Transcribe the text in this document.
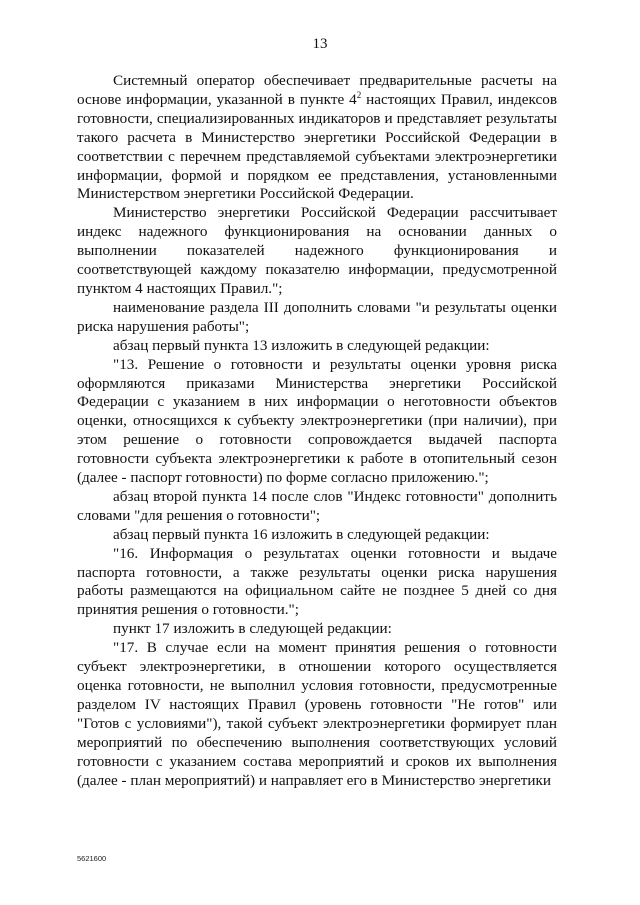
13

Системный оператор обеспечивает предварительные расчеты на основе информации, указанной в пункте $4^2$ настоящих Правил, индексов готовности, специализированных индикаторов и представляет результаты такого расчета в Министерство энергетики Российской Федерации в соответствии с перечнем представляемой субъектами электроэнергетики информации, формой и порядком ее представления, установленными Министерством энергетики Российской Федерации.

Министерство энергетики Российской Федерации рассчитывает индекс надежного функционирования на основании данных о выполнении показателей надежного функционирования и соответствующей каждому показателю информации, предусмотренной пунктом 4 настоящих Правил.";

наименование раздела III дополнить словами "и результаты оценки риска нарушения работы";

абзац первый пункта 13 изложить в следующей редакции:

"13. Решение о готовности и результаты оценки уровня риска оформляются приказами Министерства энергетики Российской Федерации с указанием в них информации о неготовности объектов оценки, относящихся к субъекту электроэнергетики (при наличии), при этом решение о готовности сопровождается выдачей паспорта готовности субъекта электроэнергетики к работе в отопительный сезон (далее - паспорт готовности) по форме согласно приложению.";

абзац второй пункта 14 после слов "Индекс готовности" дополнить словами "для решения о готовности";

абзац первый пункта 16 изложить в следующей редакции:

"16. Информация о результатах оценки готовности и выдаче паспорта готовности, а также результаты оценки риска нарушения работы размещаются на официальном сайте не позднее 5 дней со дня принятия решения о готовности.";

пункт 17 изложить в следующей редакции:

"17. В случае если на момент принятия решения о готовности субъект электроэнергетики, в отношении которого осуществляется оценка готовности, не выполнил условия готовности, предусмотренные разделом IV настоящих Правил (уровень готовности "Не готов" или "Готов с условиями"), такой субъект электроэнергетики формирует план мероприятий по обеспечению выполнения соответствующих условий готовности с указанием состава мероприятий и сроков их выполнения (далее - план мероприятий) и направляет его в Министерство энергетики

5621600
